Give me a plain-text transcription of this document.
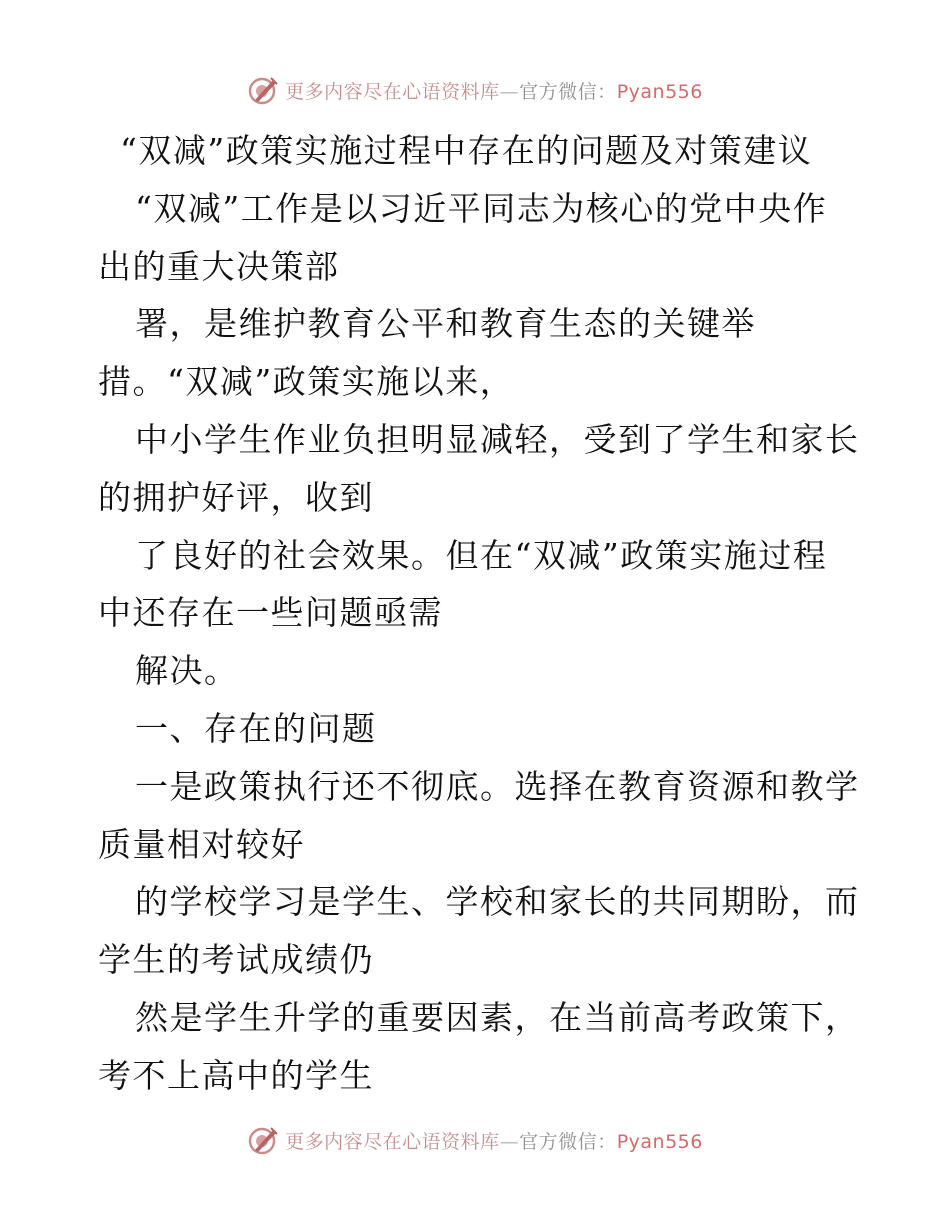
更多内容尽在心语资料库—官方微信：Pyan556
“双减”政策实施过程中存在的问题及对策建议
“双减”工作是以习近平同志为核心的党中央作
出的重大决策部
署，是维护教育公平和教育生态的关键举
措。“双减”政策实施以来，
中小学生作业负担明显减轻，受到了学生和家长
的拥护好评，收到
了良好的社会效果。但在“双减”政策实施过程
中还存在一些问题亟需
解决。
一、存在的问题
一是政策执行还不彻底。选择在教育资源和教学
质量相对较好
的学校学习是学生、学校和家长的共同期盼，而
学生的考试成绩仍
然是学生升学的重要因素，在当前高考政策下，
考不上高中的学生
更多内容尽在心语资料库—官方微信：Pyan556
